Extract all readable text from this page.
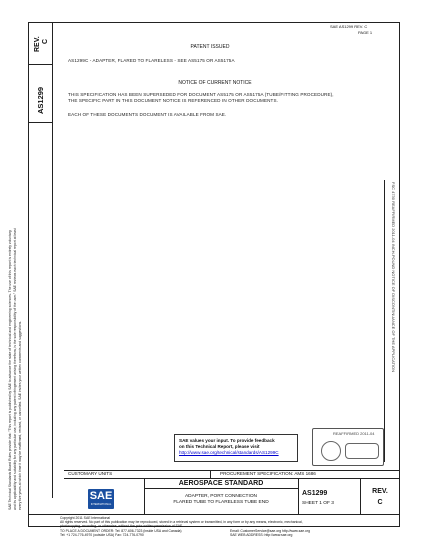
REV. C
AS1299
SAE Technical Standards Board Rules provide that: "This report is published by SAE to advance the state of technical and engineering sciences. The use of this report is entirely voluntary, and its applicability and suitability for any particular use, including any patent infringement arising therefrom, is the sole responsibility of the user." SAE reviews each technical report at least every five years at which time it may be reaffirmed, revised, or cancelled. SAE invites your written comments and suggestions.
FSC 4730 REAFFIRMED 2011-04 INCH-POUND NOTICE OF DISCONTINUANCE OF THE APPLICATION
SAE AS1299 REV. C
PAGE 1
PATENT ISSUED
AS1299C - ADAPTER, FLARED TO FLARELESS - SEE AS5175 OR AS5175A
NOTICE OF CURRENT NOTICE
THIS SPECIFICATION HAS BEEN SUPERSEDED FOR DOCUMENT AS5175 OR AS5175A (TUBE/FITTING PROCEDURE),
THE SPECIFIC PART IN THIS DOCUMENT NOTICE IS REFERENCED IN OTHER DOCUMENTS.
EACH OF THESE DOCUMENTS DOCUMENT IS AVAILABLE FROM SAE.
SAE values your input. To provide feedback
on this Technical Report, please visit
http://www.sae.org/technical/standards/AS1299C
REAFFIRMED 2011-04
CUSTOMARY UNITS	PROCUREMENT SPECIFICATION: AMS 1686
SAE
INTERNATIONAL
AEROSPACE STANDARD
ADAPTER, PORT CONNECTION
FLARED TUBE TO FLARELESS TUBE END
AS1299
SHEET 1 OF 3
REV.
C
Copyright 2011 SAE International
All rights reserved. No part of this publication may be reproduced, stored in a retrieval system or transmitted, in any form or by any means, electronic, mechanical,
photocopying, recording, or otherwise, without the prior written permission of SAE.
TO PLACE A DOCUMENT ORDER: Tel: 877-606-7323 (inside USA and Canada)
Tel: +1 724-776-4970 (outside USA) Fax: 724-776-0790
Email: CustomerService@sae.org http://www.sae.org
SAE WEB ADDRESS: http://www.sae.org
